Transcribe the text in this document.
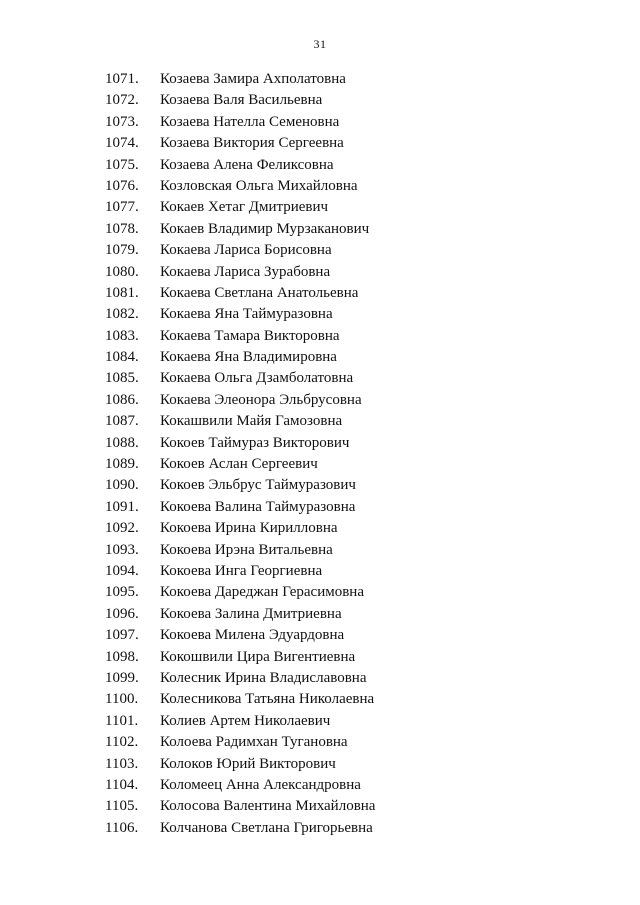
31
1071.	Козаева Замира Ахполатовна
1072.	Козаева Валя Васильевна
1073.	Козаева Нателла Семеновна
1074.	Козаева Виктория Сергеевна
1075.	Козаева Алена Феликсовна
1076.	Козловская Ольга Михайловна
1077.	Кокаев Хетаг Дмитриевич
1078.	Кокаев Владимир Мурзаканович
1079.	Кокаева Лариса Борисовна
1080.	Кокаева Лариса Зурабовна
1081.	Кокаева Светлана Анатольевна
1082.	Кокаева Яна Таймуразовна
1083.	Кокаева Тамара Викторовна
1084.	Кокаева Яна Владимировна
1085.	Кокаева Ольга Дзамболатовна
1086.	Кокаева Элеонора Эльбрусовна
1087.	Кокашвили Майя Гамозовна
1088.	Кокоев Таймураз Викторович
1089.	Кокоев Аслан Сергеевич
1090.	Кокоев Эльбрус Таймуразович
1091.	Кокоева Валина Таймуразовна
1092.	Кокоева Ирина Кирилловна
1093.	Кокоева Ирэна Витальевна
1094.	Кокоева Инга Георгиевна
1095.	Кокоева Дареджан Герасимовна
1096.	Кокоева Залина Дмитриевна
1097.	Кокоева Милена Эдуардовна
1098.	Кокошвили Цира Вигентиевна
1099.	Колесник Ирина Владиславовна
1100.	Колесникова Татьяна Николаевна
1101.	Колиев Артем Николаевич
1102.	Колоева Радимхан Тугановна
1103.	Колоков Юрий Викторович
1104.	Коломеец Анна Александровна
1105.	Колосова Валентина Михайловна
1106.	Колчанова Светлана Григорьевна
